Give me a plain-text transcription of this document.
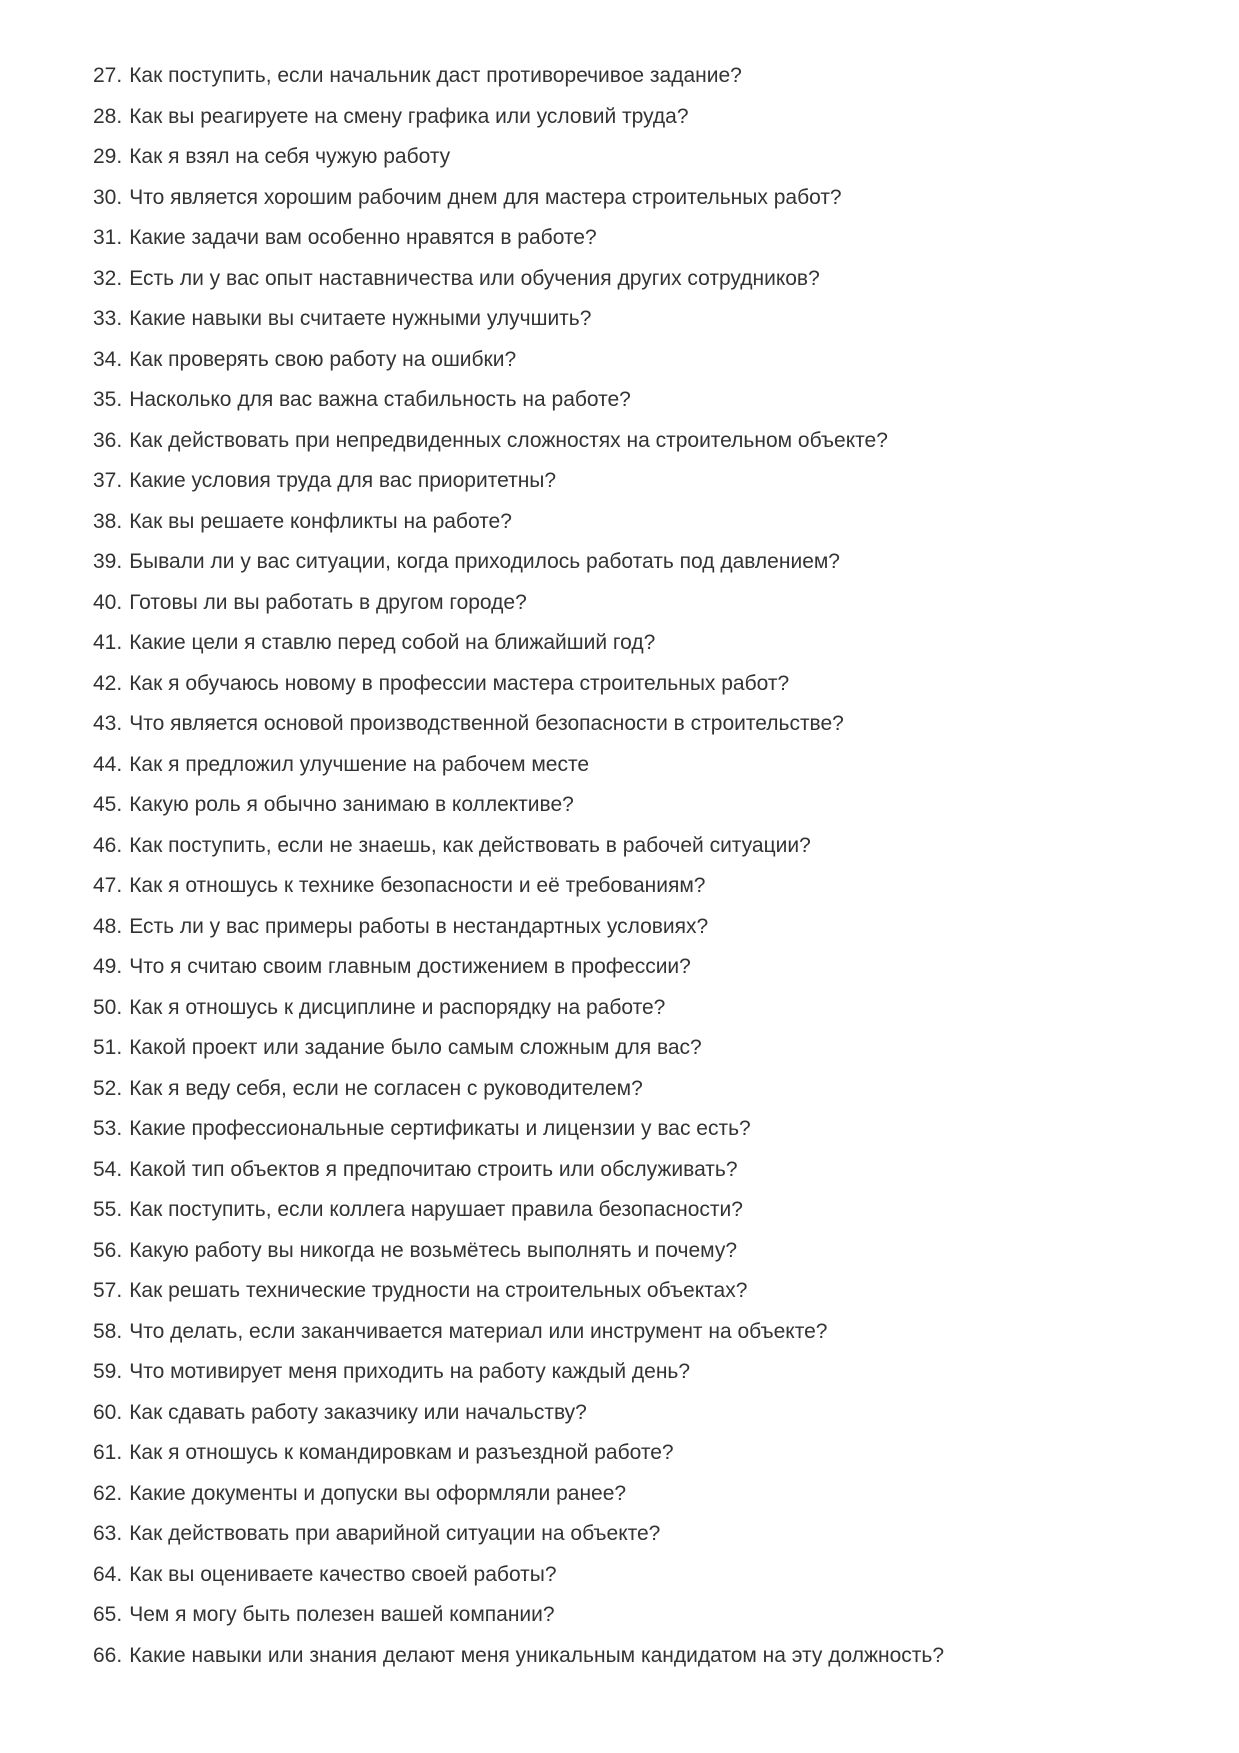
27. Как поступить, если начальник даст противоречивое задание?
28. Как вы реагируете на смену графика или условий труда?
29. Как я взял на себя чужую работу
30. Что является хорошим рабочим днем для мастера строительных работ?
31. Какие задачи вам особенно нравятся в работе?
32. Есть ли у вас опыт наставничества или обучения других сотрудников?
33. Какие навыки вы считаете нужными улучшить?
34. Как проверять свою работу на ошибки?
35. Насколько для вас важна стабильность на работе?
36. Как действовать при непредвиденных сложностях на строительном объекте?
37. Какие условия труда для вас приоритетны?
38. Как вы решаете конфликты на работе?
39. Бывали ли у вас ситуации, когда приходилось работать под давлением?
40. Готовы ли вы работать в другом городе?
41. Какие цели я ставлю перед собой на ближайший год?
42. Как я обучаюсь новому в профессии мастера строительных работ?
43. Что является основой производственной безопасности в строительстве?
44. Как я предложил улучшение на рабочем месте
45. Какую роль я обычно занимаю в коллективе?
46. Как поступить, если не знаешь, как действовать в рабочей ситуации?
47. Как я отношусь к технике безопасности и её требованиям?
48. Есть ли у вас примеры работы в нестандартных условиях?
49. Что я считаю своим главным достижением в профессии?
50. Как я отношусь к дисциплине и распорядку на работе?
51. Какой проект или задание было самым сложным для вас?
52. Как я веду себя, если не согласен с руководителем?
53. Какие профессиональные сертификаты и лицензии у вас есть?
54. Какой тип объектов я предпочитаю строить или обслуживать?
55. Как поступить, если коллега нарушает правила безопасности?
56. Какую работу вы никогда не возьмётесь выполнять и почему?
57. Как решать технические трудности на строительных объектах?
58. Что делать, если заканчивается материал или инструмент на объекте?
59. Что мотивирует меня приходить на работу каждый день?
60. Как сдавать работу заказчику или начальству?
61. Как я отношусь к командировкам и разъездной работе?
62. Какие документы и допуски вы оформляли ранее?
63. Как действовать при аварийной ситуации на объекте?
64. Как вы оцениваете качество своей работы?
65. Чем я могу быть полезен вашей компании?
66. Какие навыки или знания делают меня уникальным кандидатом на эту должность?
